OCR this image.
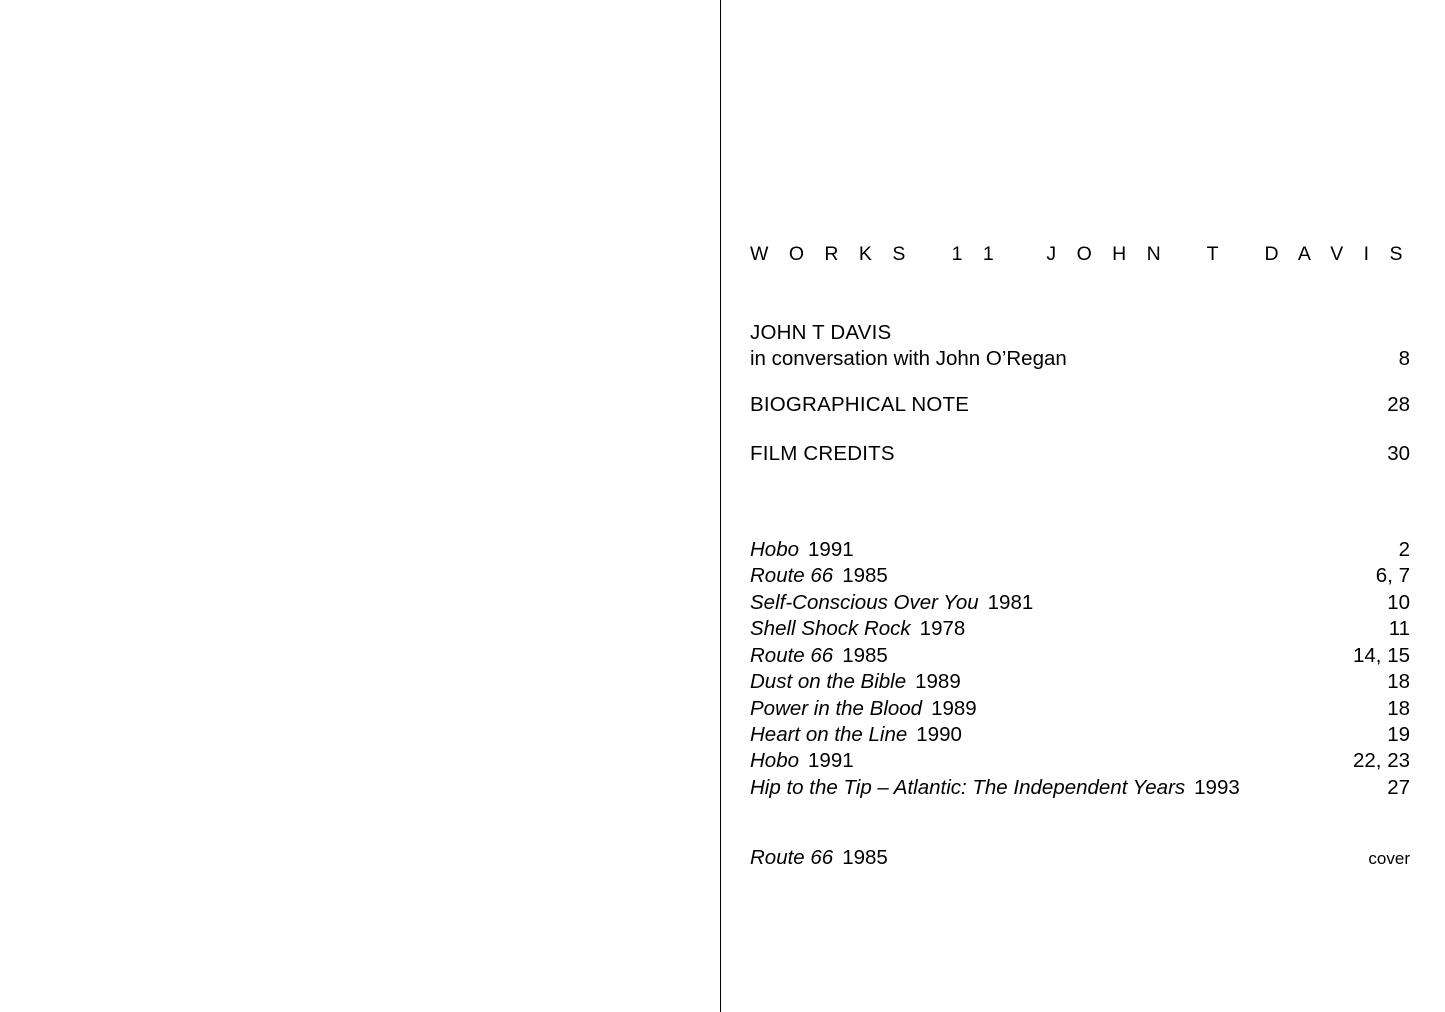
W O R K S   1 1 J O H N   T   D A V I S
JOHN T DAVIS
in conversation with John O’Regan	8
BIOGRAPHICAL NOTE	28
FILM CREDITS	30
Hobo 1991	2
Route 66 1985	6, 7
Self-Conscious Over You 1981	10
Shell Shock Rock 1978	11
Route 66 1985	14, 15
Dust on the Bible 1989	18
Power in the Blood 1989	18
Heart on the Line 1990	19
Hobo 1991	22, 23
Hip to the Tip – Atlantic: The Independent Years 1993	27
Route 66 1985	cover
